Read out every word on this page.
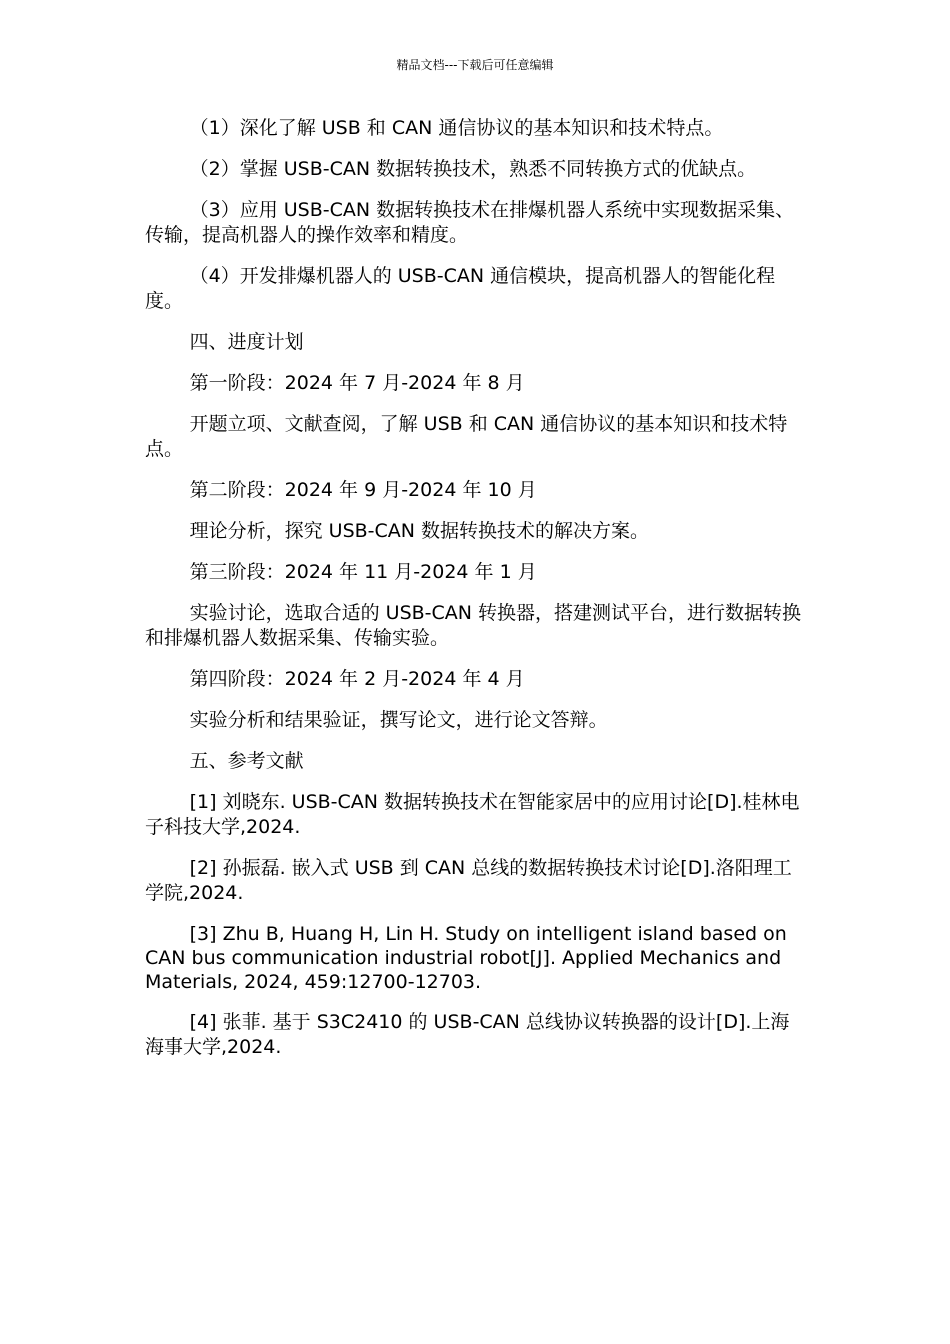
精品文档---下载后可任意编辑

（1）深化了解 USB 和 CAN 通信协议的基本知识和技术特点。

（2）掌握 USB-CAN 数据转换技术，熟悉不同转换方式的优缺点。

（3）应用 USB-CAN 数据转换技术在排爆机器人系统中实现数据采集、传输，提高机器人的操作效率和精度。

（4）开发排爆机器人的 USB-CAN 通信模块，提高机器人的智能化程度。

四、进度计划

第一阶段：2024 年 7 月-2024 年 8 月

开题立项、文献查阅，了解 USB 和 CAN 通信协议的基本知识和技术特点。

第二阶段：2024 年 9 月-2024 年 10 月

理论分析，探究 USB-CAN 数据转换技术的解决方案。

第三阶段：2024 年 11 月-2024 年 1 月

实验讨论，选取合适的 USB-CAN 转换器，搭建测试平台，进行数据转换和排爆机器人数据采集、传输实验。

第四阶段：2024 年 2 月-2024 年 4 月

实验分析和结果验证，撰写论文，进行论文答辩。

五、参考文献

[1] 刘晓东. USB-CAN 数据转换技术在智能家居中的应用讨论[D].桂林电子科技大学,2024.

[2] 孙振磊. 嵌入式 USB 到 CAN 总线的数据转换技术讨论[D].洛阳理工学院,2024.

[3] Zhu B, Huang H, Lin H. Study on intelligent island based on CAN bus communication industrial robot[J]. Applied Mechanics and Materials, 2024, 459:12700-12703.

[4] 张菲. 基于 S3C2410 的 USB-CAN 总线协议转换器的设计[D].上海海事大学,2024.
